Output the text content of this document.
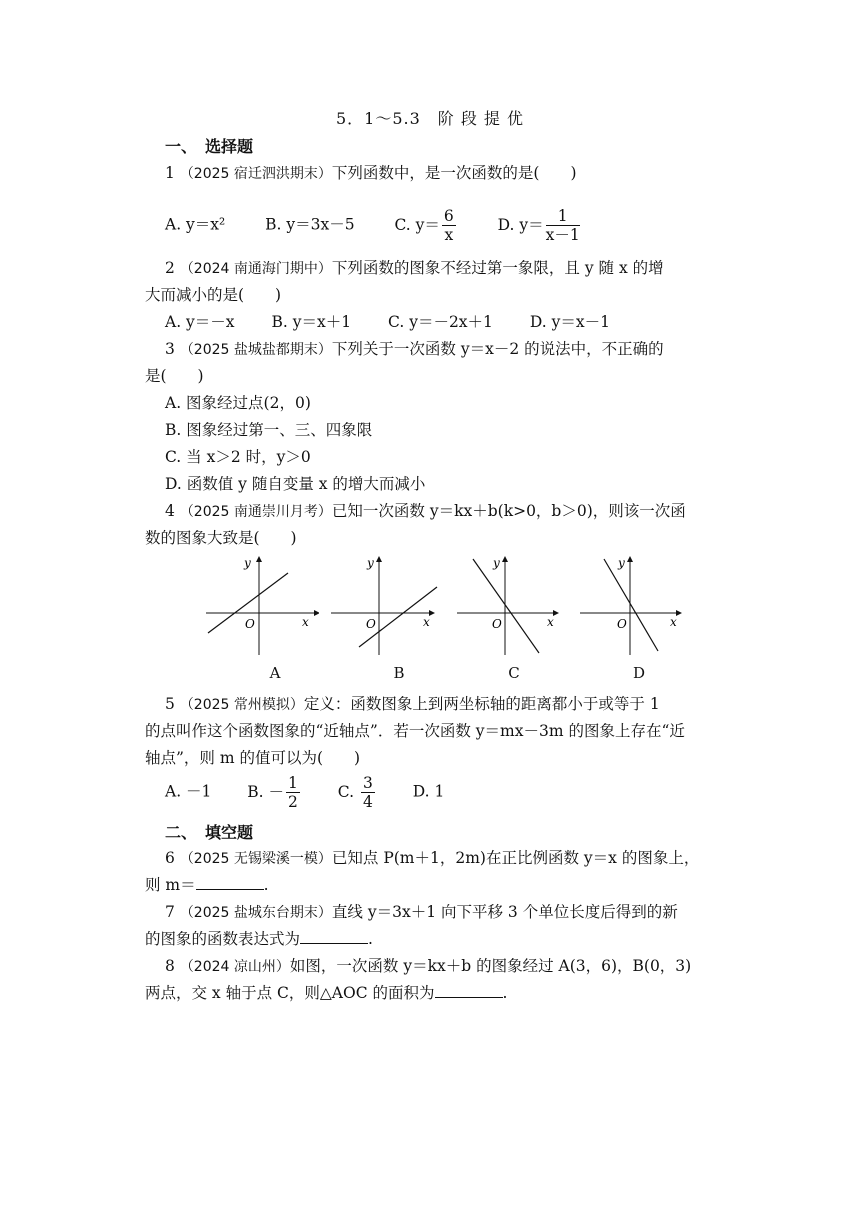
5．1～5.3　阶 段 提 优
一、　选择题
1 （2025 宿迁泗洪期末）下列函数中，是一次函数的是(　　)
A. y＝x²	B. y＝3x－5	C. $y= \frac{6}{x}$	D. $y= \frac{1}{x-1}$
2 （2024 南通海门期中）下列函数的图象不经过第一象限，且 y 随 x 的增
大而减小的是(　　)
A. y＝－x B. y＝x＋1 C. y＝－2x＋1 D. y＝x－1
3 （2025 盐城盐都期末）下列关于一次函数 y＝x－2 的说法中，不正确的
是(　　)
A. 图象经过点(2，0)
B. 图象经过第一、三、四象限
C. 当 x＞2 时，y＞0
D. 函数值 y 随自变量 x 的增大而减小
4 （2025 南通崇川月考）已知一次函数 y＝kx＋b(k>0，b＞0)，则该一次函
数的图象大致是(　　)
y
x
O
y
x
O
y
x
O
y
x
O
A	B	C	D
5 （2025 常州模拟）定义：函数图象上到两坐标轴的距离都小于或等于 1
的点叫作这个函数图象的“近轴点”．若一次函数 y＝mx－3m 的图象上存在“近
轴点”，则 m 的值可以为(　　)
A. －1 B. － $\frac{1}{2} C$. $\frac{3}{4} D$. 1
二、　填空题
6 （2025 无锡梁溪一模）已知点 P(m＋1，2m)在正比例函数 y＝x 的图象上，
则 m＝	.
7 （2025 盐城东台期末）直线 y＝3x＋1 向下平移 3 个单位长度后得到的新
的图象的函数表达式为	.
8 （2024 凉山州）如图，一次函数 y＝kx＋b 的图象经过 A(3，6)，B(0，3)
两点，交 x 轴于点 C，则△AOC 的面积为	.
